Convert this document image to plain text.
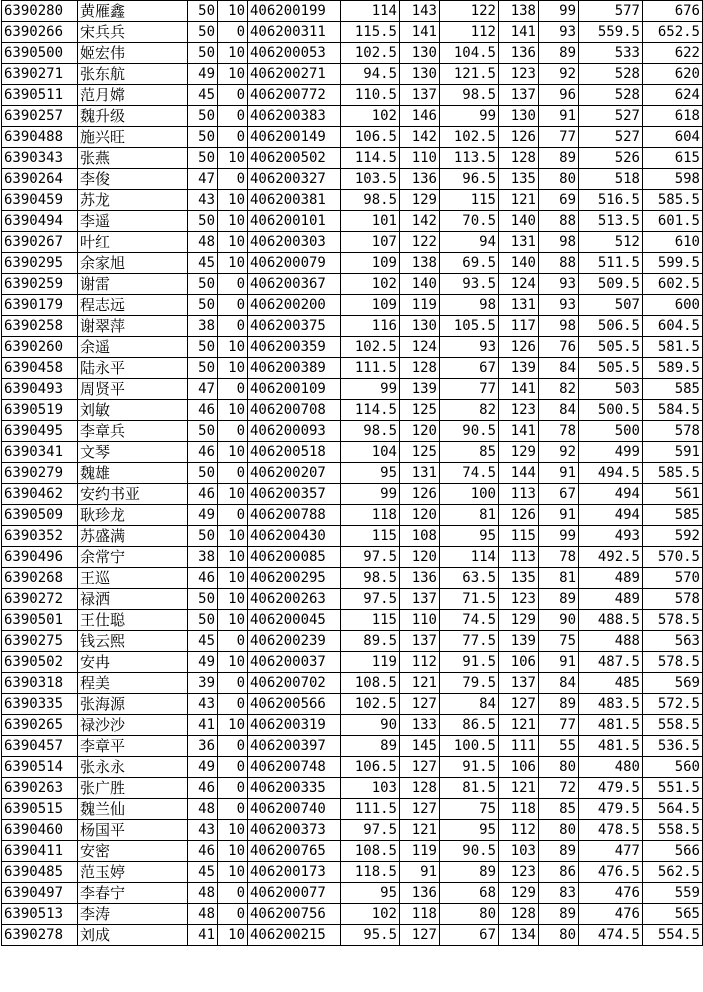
6390280	黄雁鑫	50	10	406200199	114	143	122	138	99	577	676
6390266	宋兵兵	50	0	406200311	115.5	141	112	141	93	559.5	652.5
6390500	姬宏伟	50	10	406200053	102.5	130	104.5	136	89	533	622
6390271	张东航	49	10	406200271	94.5	130	121.5	123	92	528	620
6390511	范月嫦	45	0	406200772	110.5	137	98.5	137	96	528	624
6390257	魏升级	50	0	406200383	102	146	99	130	91	527	618
6390488	施兴旺	50	0	406200149	106.5	142	102.5	126	77	527	604
6390343	张燕	50	10	406200502	114.5	110	113.5	128	89	526	615
6390264	李俊	47	0	406200327	103.5	136	96.5	135	80	518	598
6390459	苏龙	43	10	406200381	98.5	129	115	121	69	516.5	585.5
6390494	李遥	50	10	406200101	101	142	70.5	140	88	513.5	601.5
6390267	叶红	48	10	406200303	107	122	94	131	98	512	610
6390295	余家旭	45	10	406200079	109	138	69.5	140	88	511.5	599.5
6390259	谢雷	50	0	406200367	102	140	93.5	124	93	509.5	602.5
6390179	程志远	50	0	406200200	109	119	98	131	93	507	600
6390258	谢翠萍	38	0	406200375	116	130	105.5	117	98	506.5	604.5
6390260	余遥	50	10	406200359	102.5	124	93	126	76	505.5	581.5
6390458	陆永平	50	10	406200389	111.5	128	67	139	84	505.5	589.5
6390493	周贤平	47	0	406200109	99	139	77	141	82	503	585
6390519	刘敏	46	10	406200708	114.5	125	82	123	84	500.5	584.5
6390495	李章兵	50	0	406200093	98.5	120	90.5	141	78	500	578
6390341	文琴	46	10	406200518	104	125	85	129	92	499	591
6390279	魏雄	50	0	406200207	95	131	74.5	144	91	494.5	585.5
6390462	安约书亚	46	10	406200357	99	126	100	113	67	494	561
6390509	耿珍龙	49	0	406200788	118	120	81	126	91	494	585
6390352	苏盛满	50	10	406200430	115	108	95	115	99	493	592
6390496	余常宁	38	10	406200085	97.5	120	114	113	78	492.5	570.5
6390268	王巡	46	10	406200295	98.5	136	63.5	135	81	489	570
6390272	禄洒	50	10	406200263	97.5	137	71.5	123	89	489	578
6390501	王仕聪	50	10	406200045	115	110	74.5	129	90	488.5	578.5
6390275	钱云熙	45	0	406200239	89.5	137	77.5	139	75	488	563
6390502	安冉	49	10	406200037	119	112	91.5	106	91	487.5	578.5
6390318	程美	39	0	406200702	108.5	121	79.5	137	84	485	569
6390335	张海源	43	0	406200566	102.5	127	84	127	89	483.5	572.5
6390265	禄沙沙	41	10	406200319	90	133	86.5	121	77	481.5	558.5
6390457	李章平	36	0	406200397	89	145	100.5	111	55	481.5	536.5
6390514	张永永	49	0	406200748	106.5	127	91.5	106	80	480	560
6390263	张广胜	46	0	406200335	103	128	81.5	121	72	479.5	551.5
6390515	魏兰仙	48	0	406200740	111.5	127	75	118	85	479.5	564.5
6390460	杨国平	43	10	406200373	97.5	121	95	112	80	478.5	558.5
6390411	安密	46	10	406200765	108.5	119	90.5	103	89	477	566
6390485	范玉婷	45	10	406200173	118.5	91	89	123	86	476.5	562.5
6390497	李春宁	48	0	406200077	95	136	68	129	83	476	559
6390513	李涛	48	0	406200756	102	118	80	128	89	476	565
6390278	刘成	41	10	406200215	95.5	127	67	134	80	474.5	554.5
